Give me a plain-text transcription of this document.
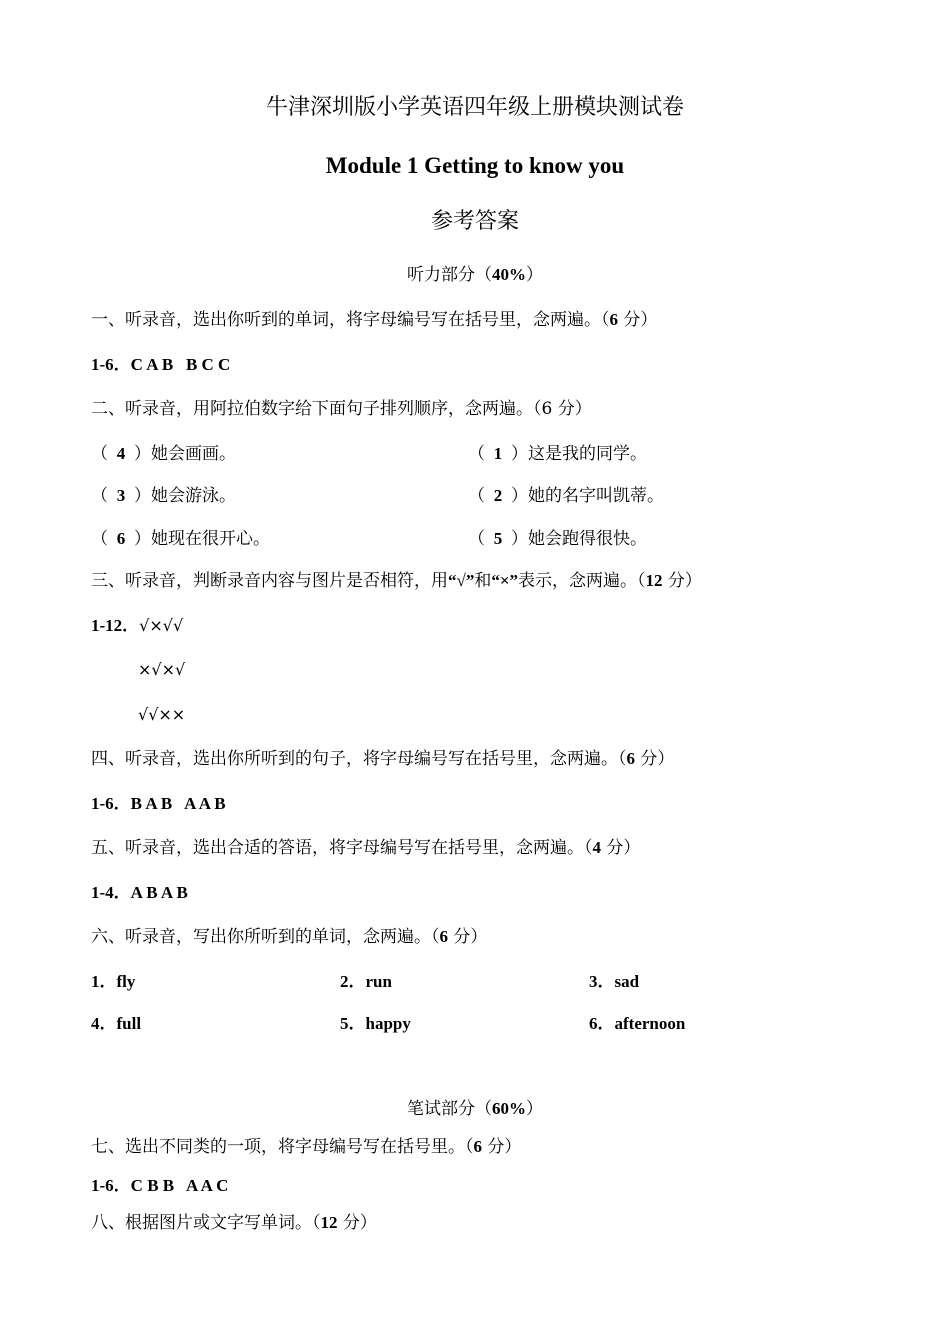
牛津深圳版小学英语四年级上册模块测试卷
Module 1 Getting to know you
参考答案
听力部分（40%）
一、听录音，选出你听到的单词，将字母编号写在括号里，念两遍。（6 分）
1-6．C A B   B C C
二、听录音，用阿拉伯数字给下面句子排列顺序，念两遍。（6 分）
（ 4 ）她会画画。	（ 1 ）这是我的同学。
（ 3 ）她会游泳。	（ 2 ）她的名字叫凯蒂。
（ 6 ）她现在很开心。	（ 5 ）她会跑得很快。
三、听录音，判断录音内容与图片是否相符，用“√”和“×”表示，念两遍。（12 分）
1-12．√×√√
×√×√
√√××
四、听录音，选出你所听到的句子，将字母编号写在括号里，念两遍。（6 分）
1-6．B A B   A A B
五、听录音，选出合适的答语，将字母编号写在括号里，念两遍。（4 分）
1-4．A B A B
六、听录音，写出你所听到的单词，念两遍。（6 分）
1．fly	2．run	3．sad
4．full	5．happy	6．afternoon
笔试部分（60%）
七、选出不同类的一项，将字母编号写在括号里。（6 分）
1-6．C B B   A A C
八、根据图片或文字写单词。（12 分）
